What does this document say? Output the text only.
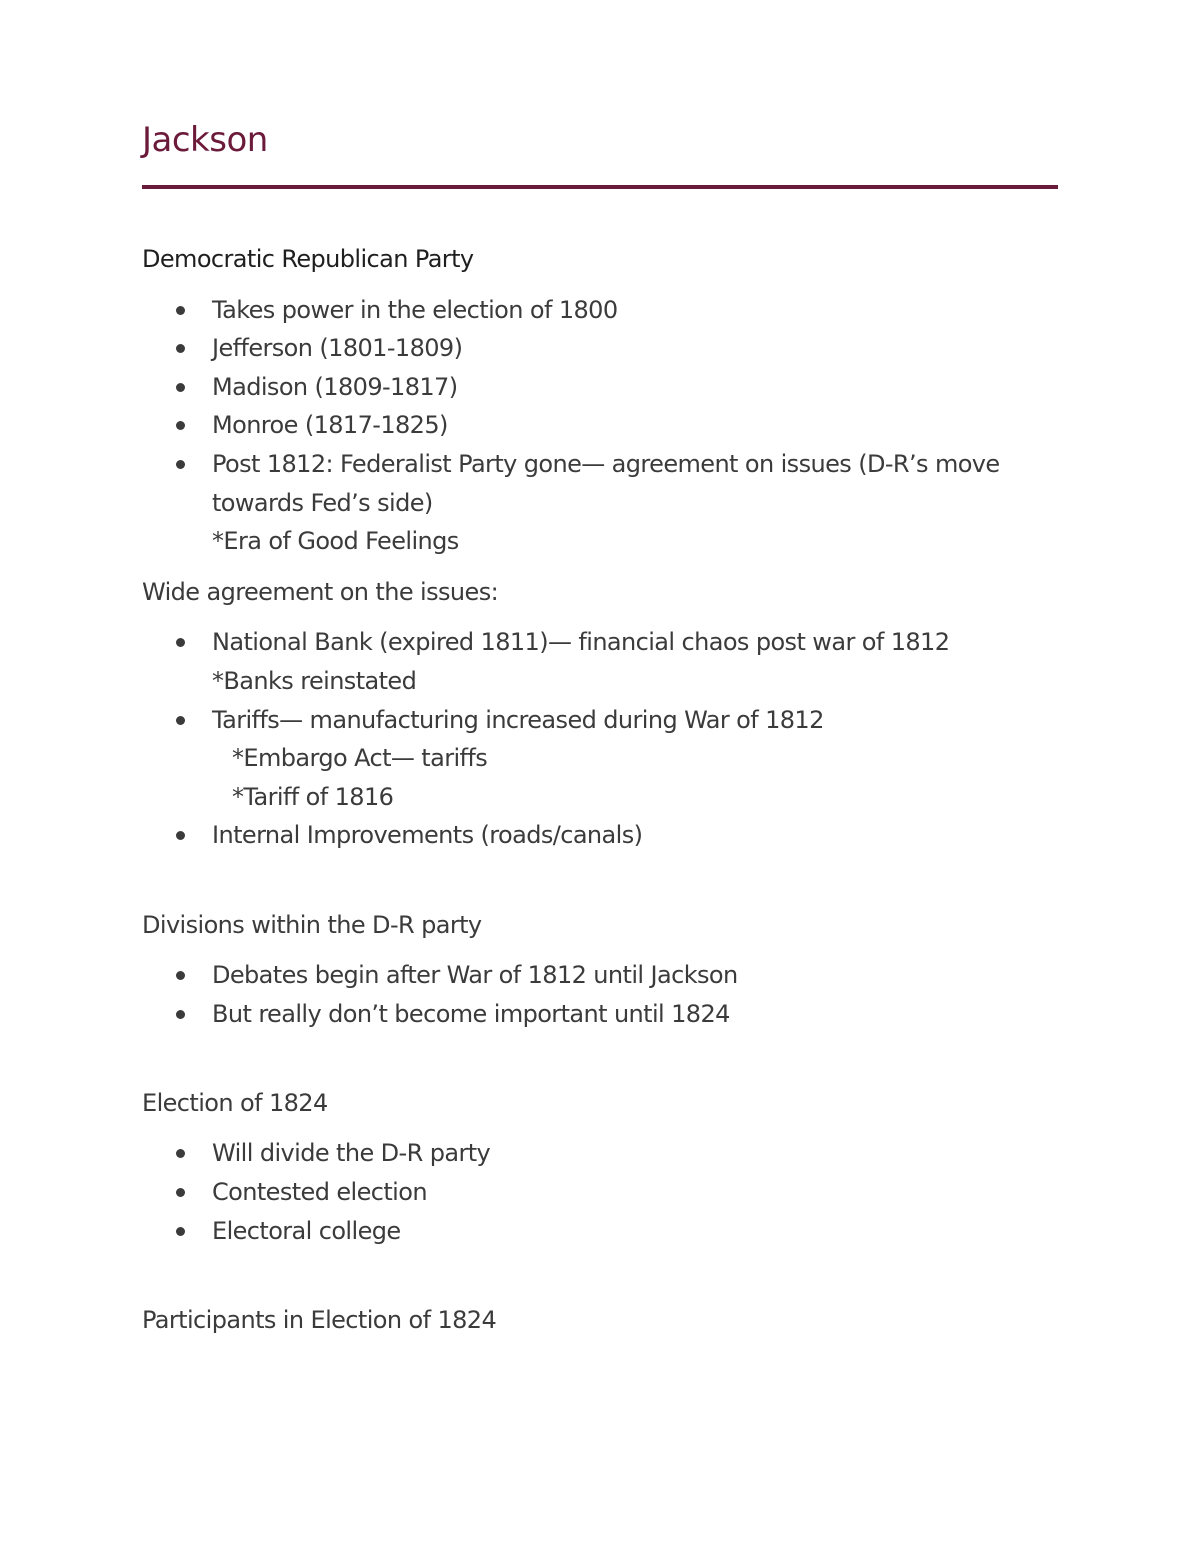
Jackson
Democratic Republican Party
Takes power in the election of 1800
Jefferson (1801-1809)
Madison (1809-1817)
Monroe (1817-1825)
Post 1812: Federalist Party gone— agreement on issues (D-R’s move
towards Fed’s side)
*Era of Good Feelings
Wide agreement on the issues:
National Bank (expired 1811)— financial chaos post war of 1812
*Banks reinstated
Tariffs— manufacturing increased during War of 1812
*Embargo Act— tariffs
*Tariff of 1816
Internal Improvements (roads/canals)
Divisions within the D-R party
Debates begin after War of 1812 until Jackson
But really don’t become important until 1824
Election of 1824
Will divide the D-R party
Contested election
Electoral college
Participants in Election of 1824
